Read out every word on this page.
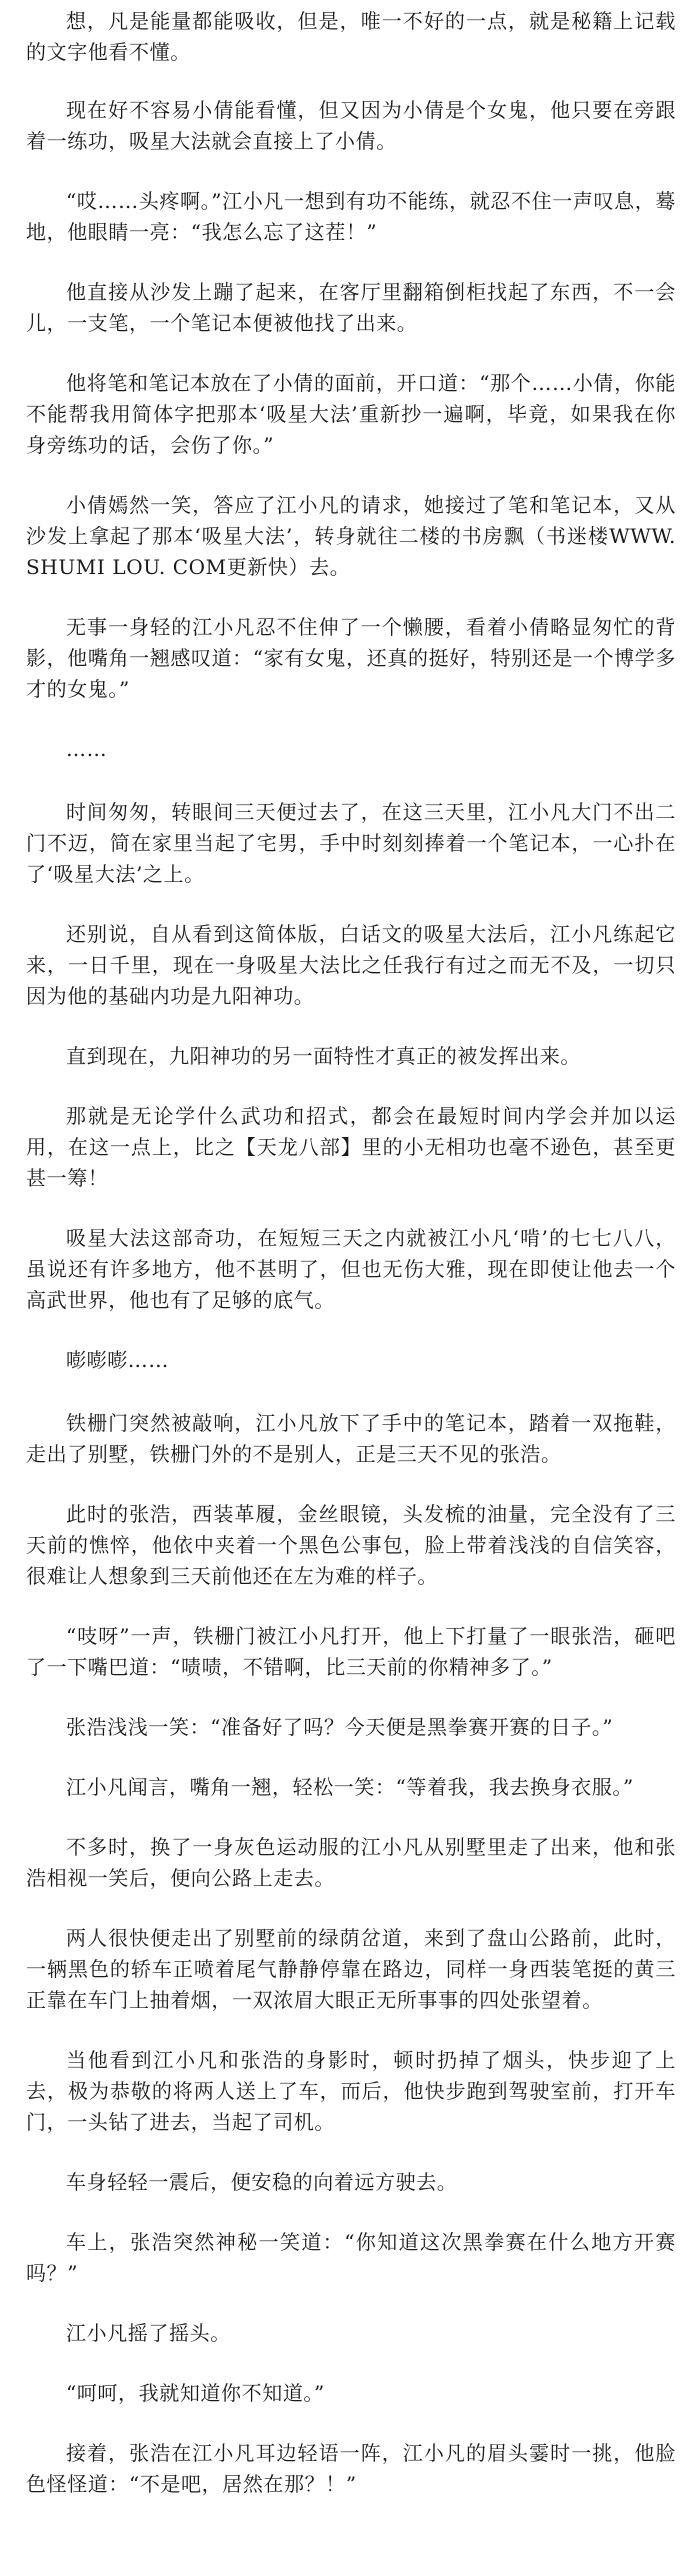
想，凡是能量都能吸收，但是，唯一不好的一点，就是秘籍上记载的文字他看不懂。

现在好不容易小倩能看懂，但又因为小倩是个女鬼，他只要在旁跟着一练功，吸星大法就会直接上了小倩。

“哎……头疼啊。”江小凡一想到有功不能练，就忍不住一声叹息，蓦地，他眼睛一亮：“我怎么忘了这茬！”

他直接从沙发上蹦了起来，在客厅里翻箱倒柜找起了东西，不一会儿，一支笔，一个笔记本便被他找了出来。

他将笔和笔记本放在了小倩的面前，开口道：“那个……小倩，你能不能帮我用简体字把那本‘吸星大法’重新抄一遍啊，毕竟，如果我在你身旁练功的话，会伤了你。”

小倩嫣然一笑，答应了江小凡的请求，她接过了笔和笔记本，又从沙发上拿起了那本‘吸星大法’，转身就往二楼的书房飘（书迷楼WWW. SHUMI LOU. COM更新快）去。

无事一身轻的江小凡忍不住伸了一个懒腰，看着小倩略显匆忙的背影，他嘴角一翘感叹道：“家有女鬼，还真的挺好，特别还是一个博学多才的女鬼。”

……

时间匆匆，转眼间三天便过去了，在这三天里，江小凡大门不出二门不迈，简在家里当起了宅男，手中时刻刻捧着一个笔记本，一心扑在了‘吸星大法’之上。

还别说，自从看到这简体版，白话文的吸星大法后，江小凡练起它来，一日千里，现在一身吸星大法比之任我行有过之而无不及，一切只因为他的基础内功是九阳神功。

直到现在，九阳神功的另一面特性才真正的被发挥出来。

那就是无论学什么武功和招式，都会在最短时间内学会并加以运用，在这一点上，比之【天龙八部】里的小无相功也毫不逊色，甚至更甚一筹！

吸星大法这部奇功，在短短三天之内就被江小凡‘啃’的七七八八，虽说还有许多地方，他不甚明了，但也无伤大雅，现在即使让他去一个高武世界，他也有了足够的底气。

嘭嘭嘭……

铁栅门突然被敲响，江小凡放下了手中的笔记本，踏着一双拖鞋，走出了别墅，铁栅门外的不是别人，正是三天不见的张浩。

此时的张浩，西装革履，金丝眼镜，头发梳的油量，完全没有了三天前的憔悴，他依中夹着一个黑色公事包，脸上带着浅浅的自信笑容，很难让人想象到三天前他还在左为难的样子。

“吱呀”一声，铁栅门被江小凡打开，他上下打量了一眼张浩，砸吧了一下嘴巴道：“啧啧，不错啊，比三天前的你精神多了。”

张浩浅浅一笑：“准备好了吗？今天便是黑拳赛开赛的日子。”

江小凡闻言，嘴角一翘，轻松一笑：“等着我，我去换身衣服。”

不多时，换了一身灰色运动服的江小凡从别墅里走了出来，他和张浩相视一笑后，便向公路上走去。

两人很快便走出了别墅前的绿荫岔道，来到了盘山公路前，此时，一辆黑色的轿车正喷着尾气静静停靠在路边，同样一身西装笔挺的黄三正靠在车门上抽着烟，一双浓眉大眼正无所事事的四处张望着。

当他看到江小凡和张浩的身影时，顿时扔掉了烟头，快步迎了上去，极为恭敬的将两人送上了车，而后，他快步跑到驾驶室前，打开车门，一头钻了进去，当起了司机。

车身轻轻一震后，便安稳的向着远方驶去。

车上，张浩突然神秘一笑道：“你知道这次黑拳赛在什么地方开赛吗？”

江小凡摇了摇头。

“呵呵，我就知道你不知道。”

接着，张浩在江小凡耳边轻语一阵，江小凡的眉头霎时一挑，他脸色怪怪道：“不是吧，居然在那？！”
